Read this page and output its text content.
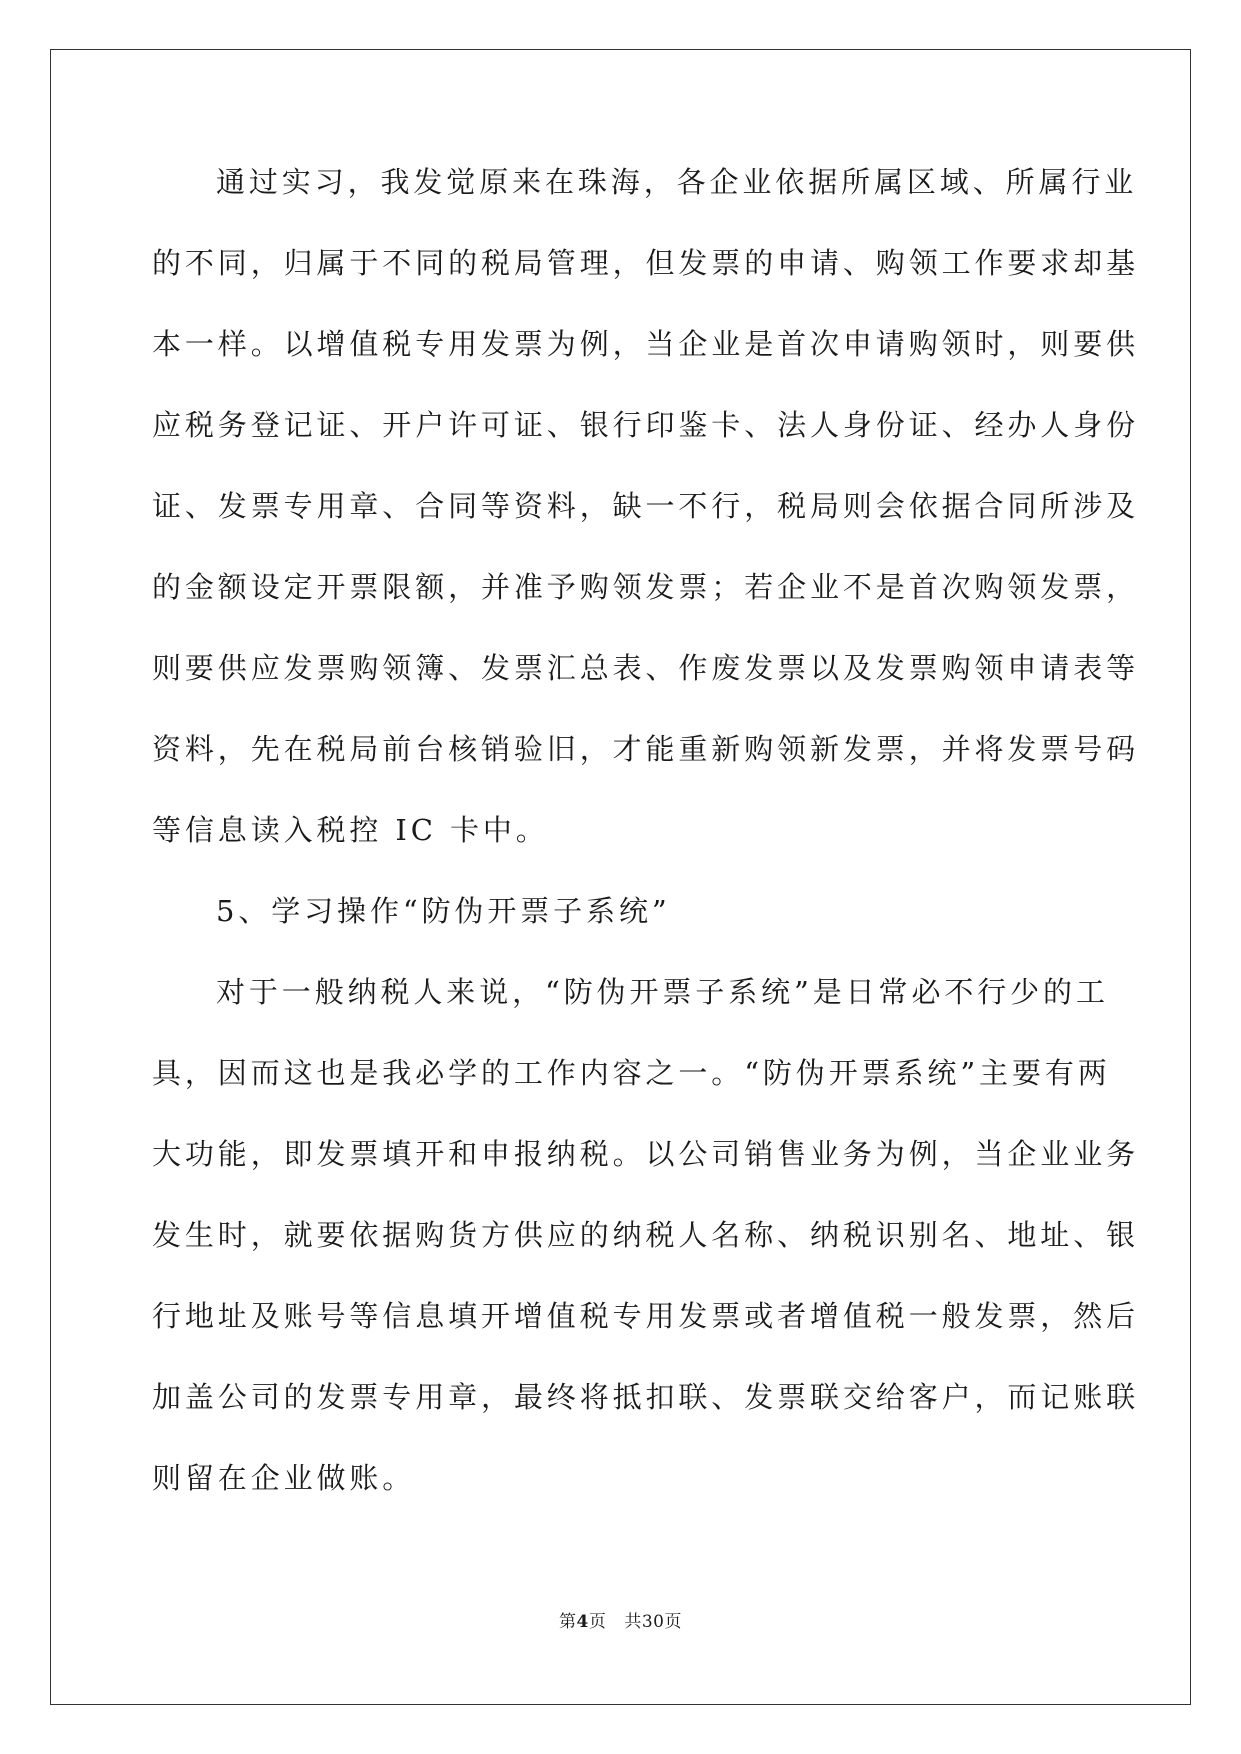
通过实习，我发觉原来在珠海，各企业依据所属区域、所属行业
的不同，归属于不同的税局管理，但发票的申请、购领工作要求却基
本一样。以增值税专用发票为例，当企业是首次申请购领时，则要供
应税务登记证、开户许可证、银行印鉴卡、法人身份证、经办人身份
证、发票专用章、合同等资料，缺一不行，税局则会依据合同所涉及
的金额设定开票限额，并准予购领发票；若企业不是首次购领发票，
则要供应发票购领簿、发票汇总表、作废发票以及发票购领申请表等
资料，先在税局前台核销验旧，才能重新购领新发票，并将发票号码
等信息读入税控 IC 卡中。
5、学习操作“防伪开票子系统”
对于一般纳税人来说，“防伪开票子系统”是日常必不行少的工
具，因而这也是我必学的工作内容之一。“防伪开票系统”主要有两
大功能，即发票填开和申报纳税。以公司销售业务为例，当企业业务
发生时，就要依据购货方供应的纳税人名称、纳税识别名、地址、银
行地址及账号等信息填开增值税专用发票或者增值税一般发票，然后
加盖公司的发票专用章，最终将抵扣联、发票联交给客户，而记账联
则留在企业做账。
第4页 共30页
